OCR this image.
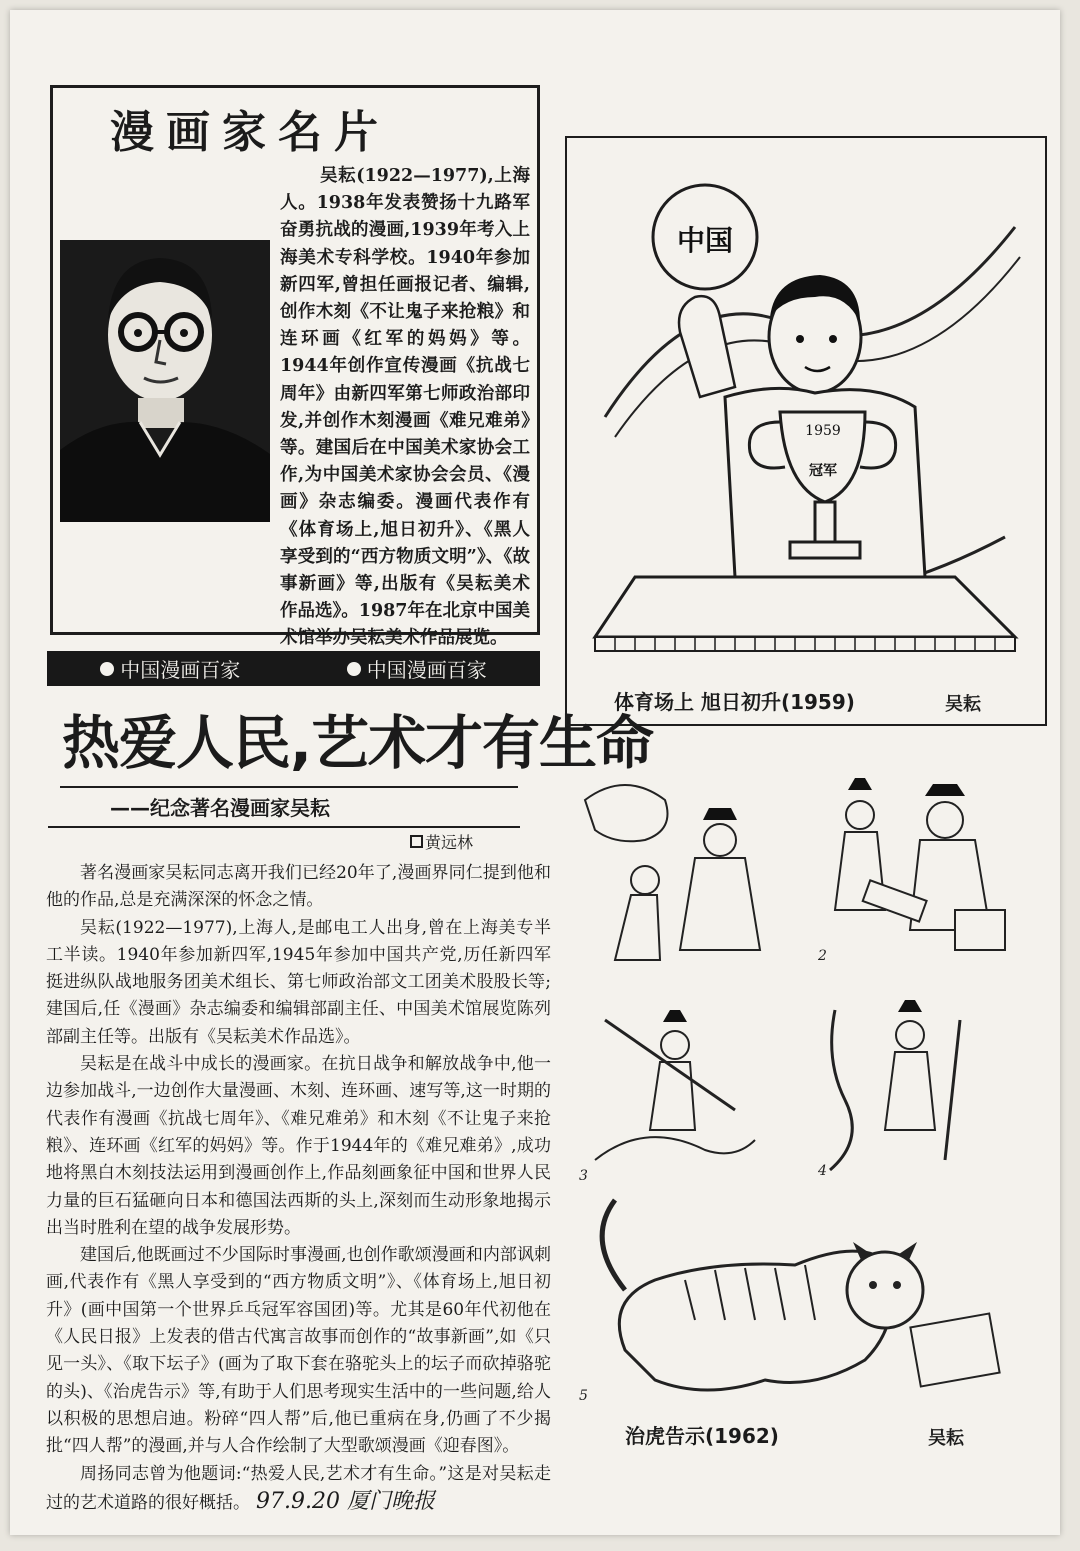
漫画家名片
吴耘(1922—1977),上海人。1938年发表赞扬十九路军奋勇抗战的漫画,1939年考入上海美术专科学校。1940年参加新四军,曾担任画报记者、编辑,创作木刻《不让鬼子来抢粮》和连环画《红军的妈妈》等。1944年创作宣传漫画《抗战七周年》由新四军第七师政治部印发,并创作木刻漫画《难兄难弟》等。建国后在中国美术家协会工作,为中国美术家协会会员、《漫画》杂志编委。漫画代表作有《体育场上,旭日初升》、《黑人享受到的“西方物质文明”》、《故事新画》等,出版有《吴耘美术作品选》。1987年在北京中国美术馆举办吴耘美术作品展览。
中国漫画百家	中国漫画百家
热爱人民,艺术才有生命
——纪念著名漫画家吴耘
黄远林

著名漫画家吴耘同志离开我们已经20年了,漫画界同仁提到他和他的作品,总是充满深深的怀念之情。

吴耘(1922—1977),上海人,是邮电工人出身,曾在上海美专半工半读。1940年参加新四军,1945年参加中国共产党,历任新四军挺进纵队战地服务团美术组长、第七师政治部文工团美术股股长等;建国后,任《漫画》杂志编委和编辑部副主任、中国美术馆展览陈列部副主任等。出版有《吴耘美术作品选》。

吴耘是在战斗中成长的漫画家。在抗日战争和解放战争中,他一边参加战斗,一边创作大量漫画、木刻、连环画、速写等,这一时期的代表作有漫画《抗战七周年》、《难兄难弟》和木刻《不让鬼子来抢粮》、连环画《红军的妈妈》等。作于1944年的《难兄难弟》,成功地将黑白木刻技法运用到漫画创作上,作品刻画象征中国和世界人民力量的巨石猛砸向日本和德国法西斯的头上,深刻而生动形象地揭示出当时胜利在望的战争发展形势。

建国后,他既画过不少国际时事漫画,也创作歌颂漫画和内部讽刺画,代表作有《黑人享受到的“西方物质文明”》、《体育场上,旭日初升》(画中国第一个世界乒乓冠军容国团)等。尤其是60年代初他在《人民日报》上发表的借古代寓言故事而创作的“故事新画”,如《只见一头》、《取下坛子》(画为了取下套在骆驼头上的坛子而砍掉骆驼的头)、《治虎告示》等,有助于人们思考现实生活中的一些问题,给人以积极的思想启迪。粉碎“四人帮”后,他已重病在身,仍画了不少揭批“四人帮”的漫画,并与人合作绘制了大型歌颂漫画《迎春图》。

周扬同志曾为他题词:“热爱人民,艺术才有生命。”这是对吴耘走过的艺术道路的很好概括。 97.9.20 厦门晚报

中国
1959
冠军
体育场上 旭日初升(1959)	吴耘
2
3	4
5
治虎告示(1962)	吴耘
